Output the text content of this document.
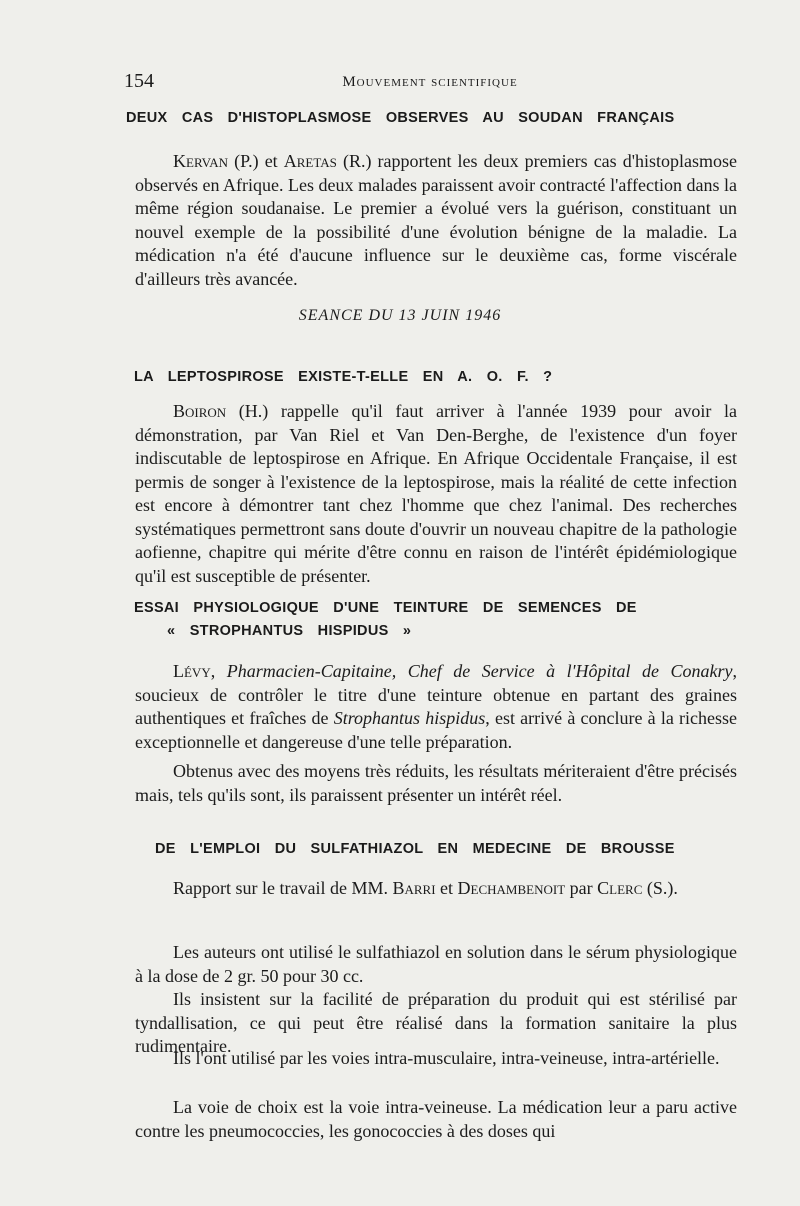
154	Mouvement scientifique
DEUX CAS D'HISTOPLASMOSE OBSERVES AU SOUDAN FRANÇAIS

Kervan (P.) et Aretas (R.) rapportent les deux premiers cas d'histoplasmose observés en Afrique. Les deux malades paraissent avoir contracté l'affection dans la même région soudanaise. Le premier a évolué vers la guérison, constituant un nouvel exemple de la possibilité d'une évolution bénigne de la maladie. La médication n'a été d'aucune influence sur le deuxième cas, forme viscérale d'ailleurs très avancée.

SEANCE DU 13 JUIN 1946
LA LEPTOSPIROSE EXISTE-T-ELLE EN A. O. F. ?

Boiron (H.) rappelle qu'il faut arriver à l'année 1939 pour avoir la démonstration, par Van Riel et Van Den-Berghe, de l'existence d'un foyer indiscutable de leptospirose en Afrique. En Afrique Occidentale Française, il est permis de songer à l'existence de la leptospirose, mais la réalité de cette infection est encore à démontrer tant chez l'homme que chez l'animal. Des recherches systématiques permettront sans doute d'ouvrir un nouveau chapitre de la pathologie aofienne, chapitre qui mérite d'être connu en raison de l'intérêt épidémiologique qu'il est susceptible de présenter.

ESSAI PHYSIOLOGIQUE D'UNE TEINTURE DE SEMENCES DE
« STROPHANTUS HISPIDUS »

Lévy, Pharmacien-Capitaine, Chef de Service à l'Hôpital de Conakry, soucieux de contrôler le titre d'une teinture obtenue en partant des graines authentiques et fraîches de Strophantus hispidus, est arrivé à conclure à la richesse exceptionnelle et dangereuse d'une telle préparation.

Obtenus avec des moyens très réduits, les résultats mériteraient d'être précisés mais, tels qu'ils sont, ils paraissent présenter un intérêt réel.

DE L'EMPLOI DU SULFATHIAZOL EN MEDECINE DE BROUSSE

Rapport sur le travail de MM. Barri et Dechambenoit par Clerc (S.).

Les auteurs ont utilisé le sulfathiazol en solution dans le sérum physiologique à la dose de 2 gr. 50 pour 30 cc.

Ils insistent sur la facilité de préparation du produit qui est stérilisé par tyndallisation, ce qui peut être réalisé dans la formation sanitaire la plus rudimentaire.

Ils l'ont utilisé par les voies intra-musculaire, intra-veineuse, intra-artérielle.

La voie de choix est la voie intra-veineuse. La médication leur a paru active contre les pneumococcies, les gonococcies à des doses qui
